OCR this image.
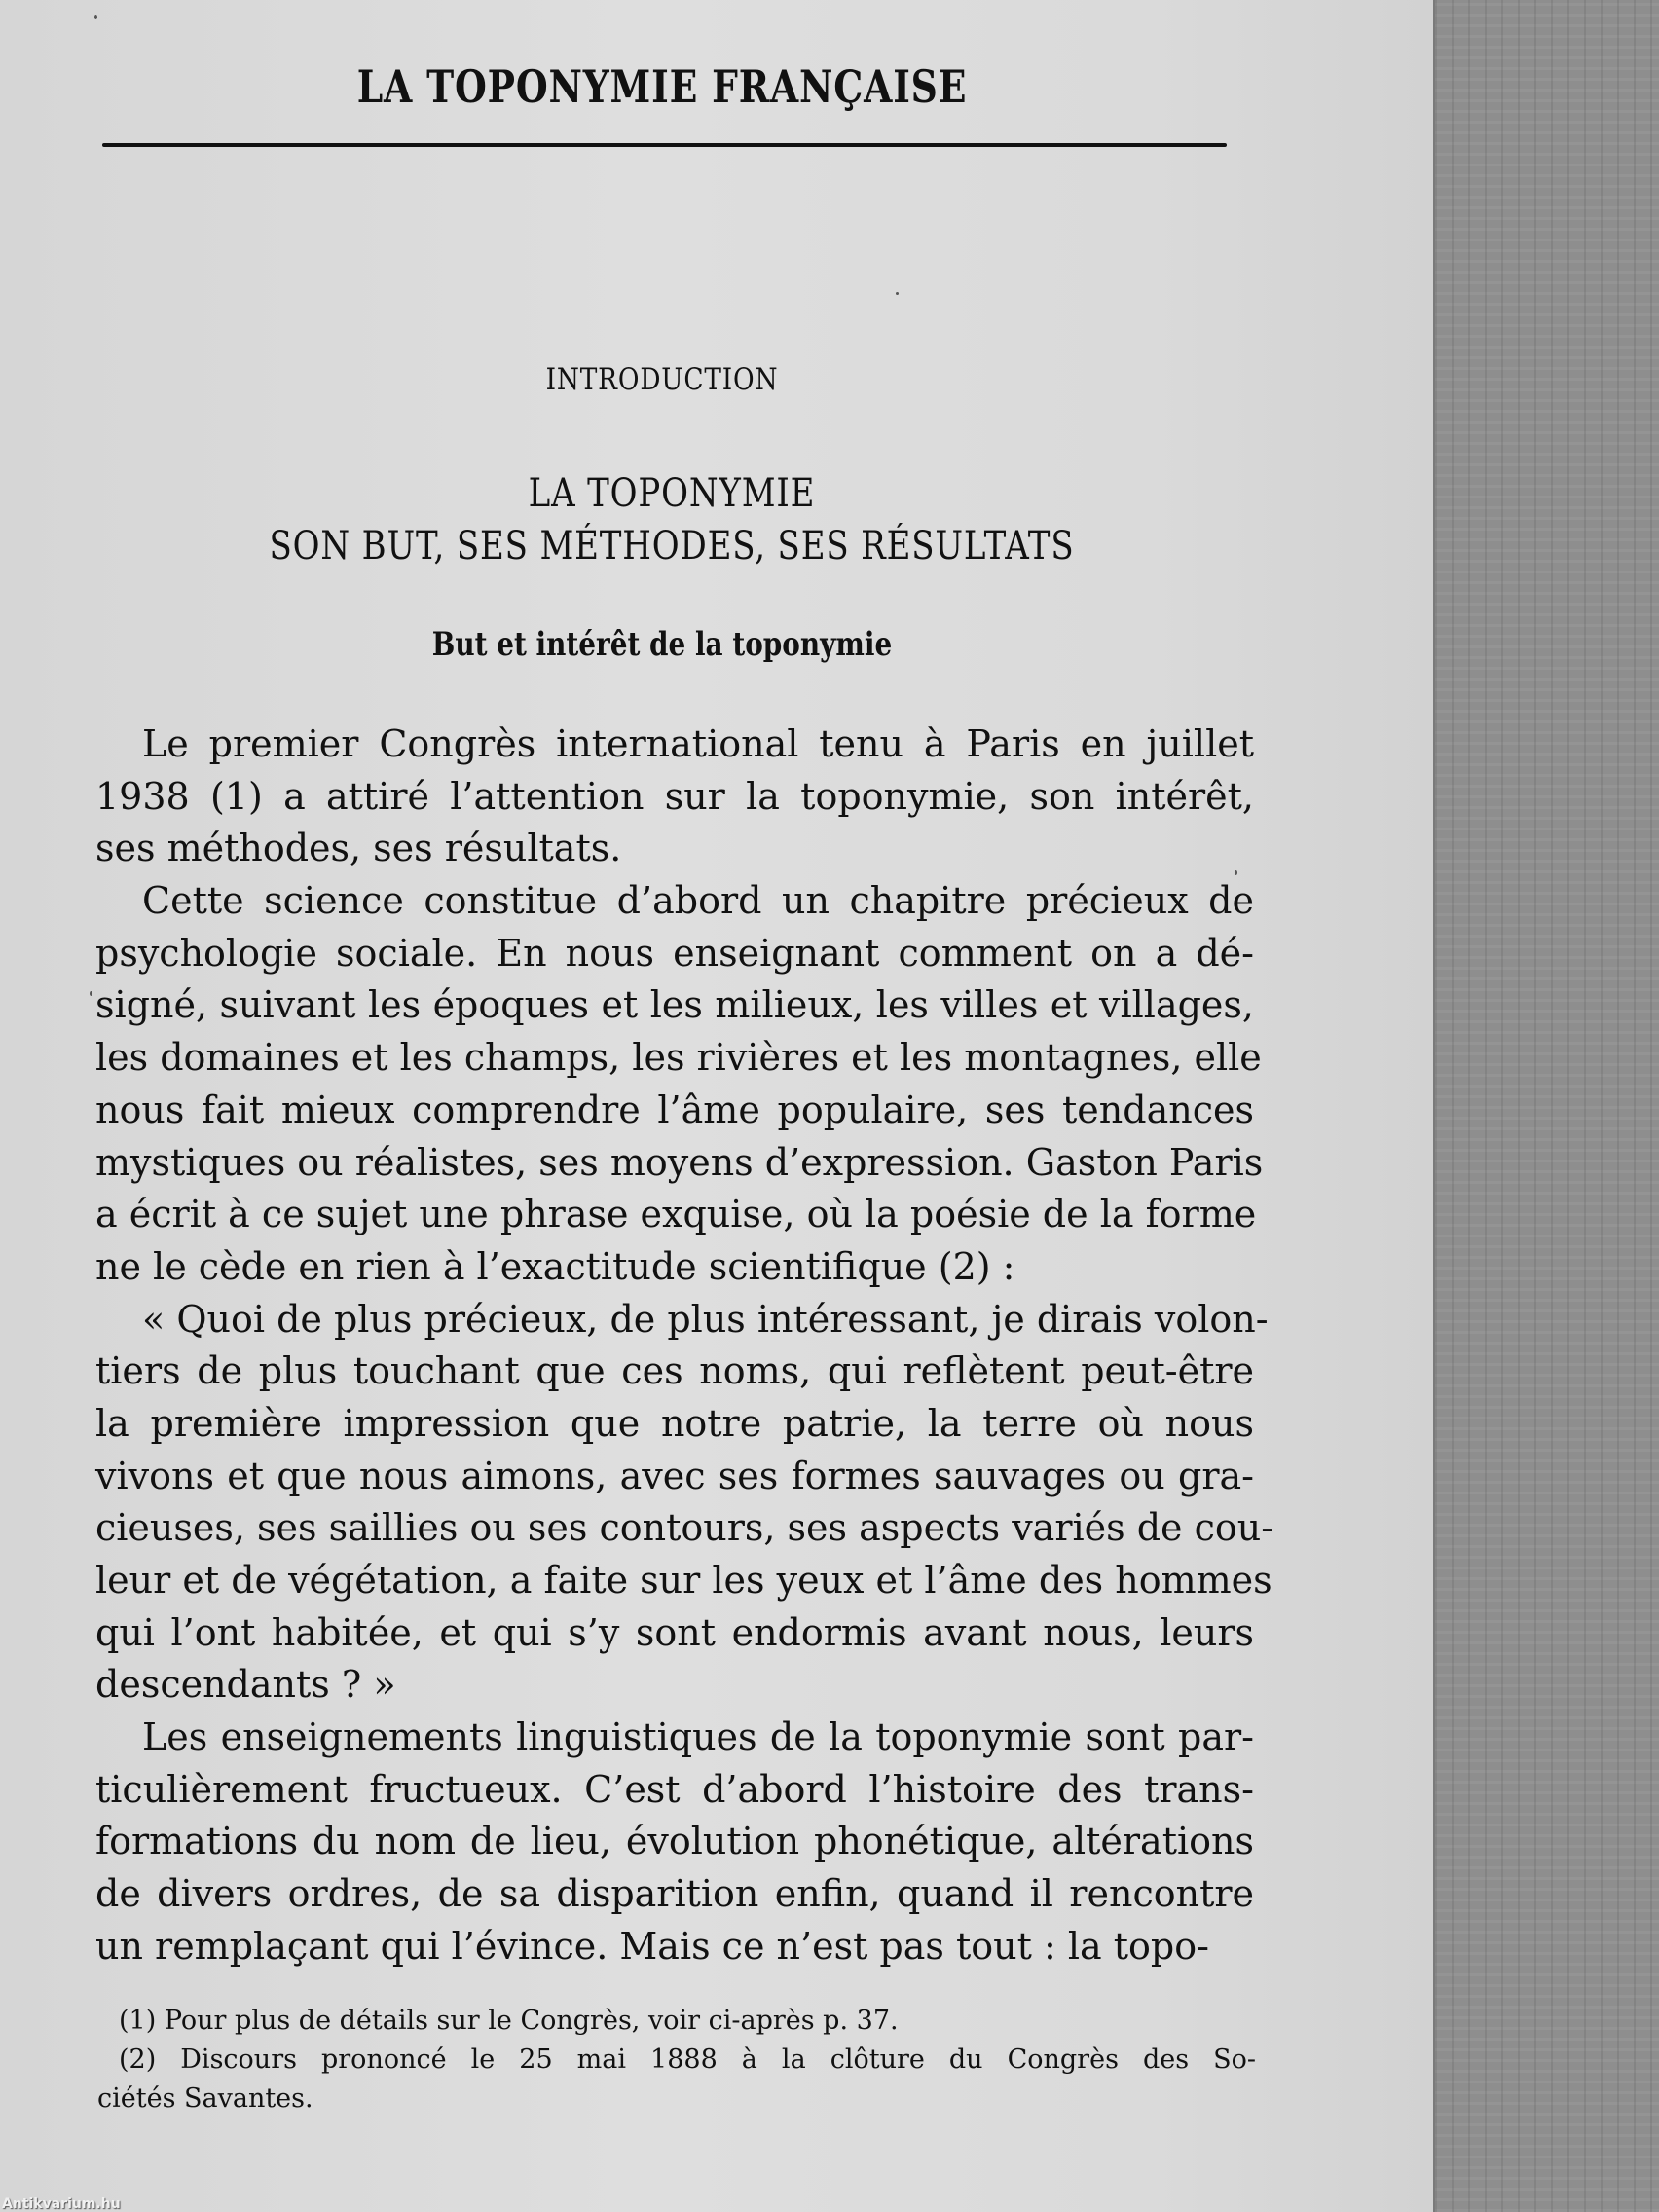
LA TOPONYMIE FRANÇAISE
INTRODUCTION
LA TOPONYMIE
SON BUT, SES MÉTHODES, SES RÉSULTATS
But et intérêt de la toponymie
Le premier Congrès international tenu à Paris en juillet
1938 (1) a attiré l’attention sur la toponymie, son intérêt,
ses méthodes, ses résultats.
Cette science constitue d’abord un chapitre précieux de
psychologie sociale. En nous enseignant comment on a dé-
signé, suivant les époques et les milieux, les villes et villages,
les domaines et les champs, les rivières et les montagnes, elle
nous fait mieux comprendre l’âme populaire, ses tendances
mystiques ou réalistes, ses moyens d’expression. Gaston Paris
a écrit à ce sujet une phrase exquise, où la poésie de la forme
ne le cède en rien à l’exactitude scientifique (2) :
« Quoi de plus précieux, de plus intéressant, je dirais volon-
tiers de plus touchant que ces noms, qui reflètent peut-être
la première impression que notre patrie, la terre où nous
vivons et que nous aimons, avec ses formes sauvages ou gra-
cieuses, ses saillies ou ses contours, ses aspects variés de cou-
leur et de végétation, a faite sur les yeux et l’âme des hommes
qui l’ont habitée, et qui s’y sont endormis avant nous, leurs
descendants ? »
Les enseignements linguistiques de la toponymie sont par-
ticulièrement fructueux. C’est d’abord l’histoire des trans-
formations du nom de lieu, évolution phonétique, altérations
de divers ordres, de sa disparition enfin, quand il rencontre
un remplaçant qui l’évince. Mais ce n’est pas tout : la topo-
(1) Pour plus de détails sur le Congrès, voir ci-après p. 37.
(2) Discours prononcé le 25 mai 1888 à la clôture du Congrès des So-
ciétés Savantes.
Antikvarium.hu
